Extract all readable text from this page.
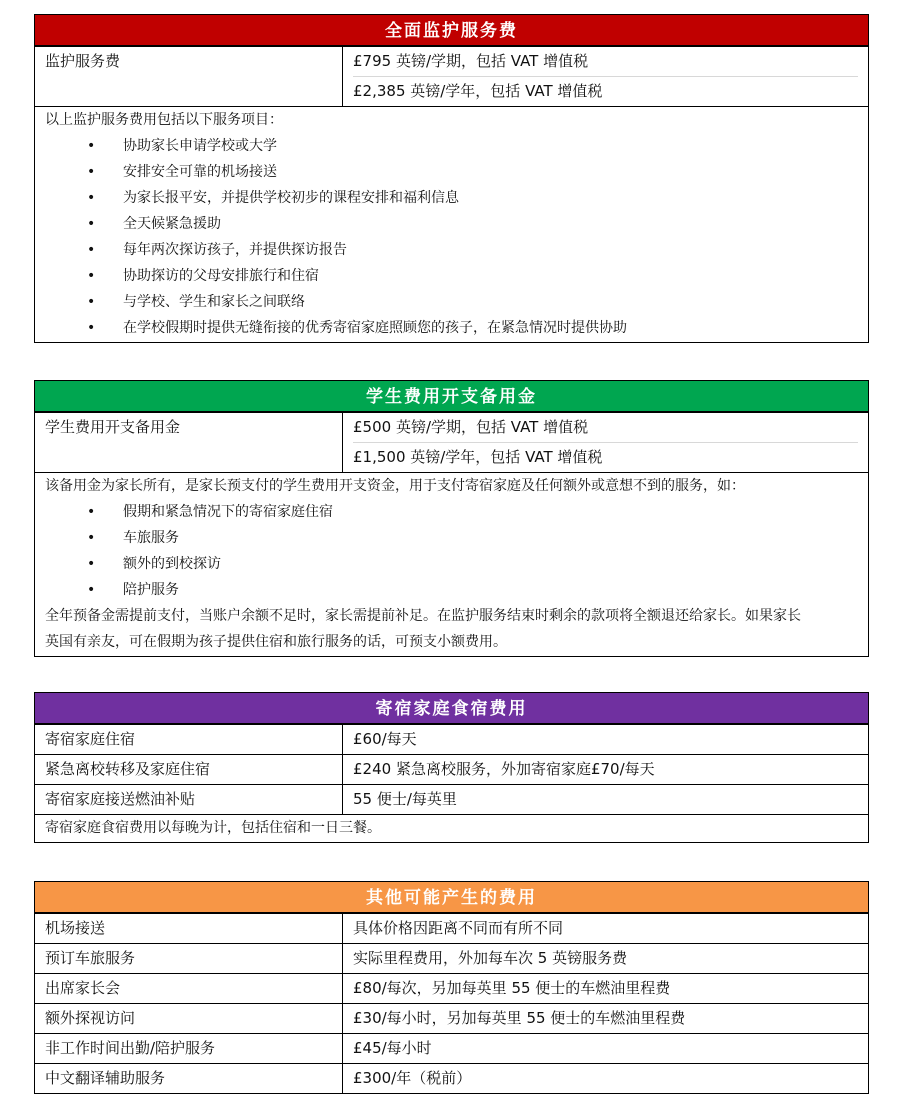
全面监护服务费
监护服务费	£795 英镑/学期，包括 VAT 增值税
£2,385 英镑/学年，包括 VAT 增值税

以上监护服务费用包括以下服务项目：

• 协助家长申请学校或大学
• 安排安全可靠的机场接送
• 为家长报平安，并提供学校初步的课程安排和福利信息
• 全天候紧急援助
• 每年两次探访孩子，并提供探访报告
• 协助探访的父母安排旅行和住宿
• 与学校、学生和家长之间联络
• 在学校假期时提供无缝衔接的优秀寄宿家庭照顾您的孩子，在紧急情况时提供协助
学生费用开支备用金
学生费用开支备用金	£500 英镑/学期，包括 VAT 增值税
£1,500 英镑/学年，包括 VAT 增值税

该备用金为家长所有，是家长预支付的学生费用开支资金，用于支付寄宿家庭及任何额外或意想不到的服务，如：

• 假期和紧急情况下的寄宿家庭住宿
• 车旅服务
• 额外的到校探访
• 陪护服务

全年预备金需提前支付，当账户余额不足时，家长需提前补足。在监护服务结束时剩余的款项将全额退还给家长。如果家长

英国有亲友，可在假期为孩子提供住宿和旅行服务的话，可预支小额费用。

寄宿家庭食宿费用
寄宿家庭住宿	£60/每天
紧急离校转移及家庭住宿	£240 紧急离校服务，外加寄宿家庭£70/每天
寄宿家庭接送燃油补贴	55 便士/每英里
寄宿家庭食宿费用以每晚为计，包括住宿和一日三餐。	
其他可能产生的费用
机场接送	具体价格因距离不同而有所不同
预订车旅服务	实际里程费用，外加每车次 5 英镑服务费
出席家长会	£80/每次，另加每英里 55 便士的车燃油里程费
额外探视访问	£30/每小时，另加每英里 55 便士的车燃油里程费
非工作时间出勤/陪护服务	£45/每小时
中文翻译辅助服务	£300/年（税前）
